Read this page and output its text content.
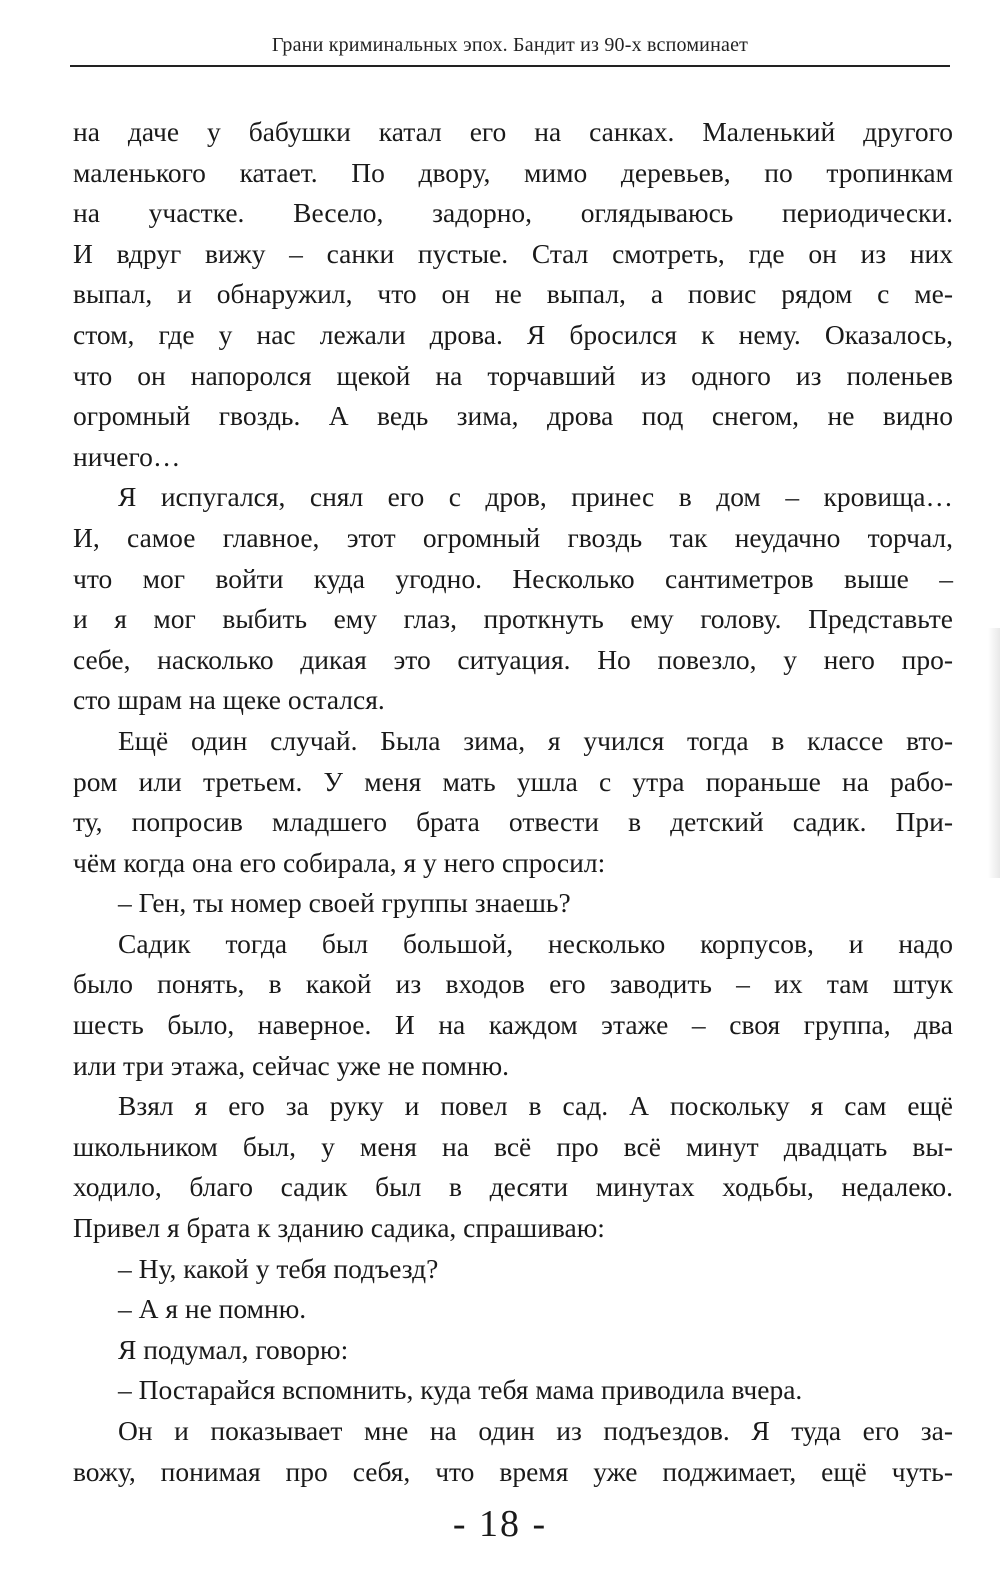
Грани криминальных эпох. Бандит из 90-х вспоминает
на даче у бабушки катал его на санках. Маленький другого
маленького катает. По двору, мимо деревьев, по тропинкам
на участке. Весело, задорно, оглядываюсь периодически.
И вдруг вижу – санки пустые. Стал смотреть, где он из них
выпал, и обнаружил, что он не выпал, а повис рядом с ме-
стом, где у нас лежали дрова. Я бросился к нему. Оказалось,
что он напоролся щекой на торчавший из одного из поленьев
огромный гвоздь. А ведь зима, дрова под снегом, не видно
ничего…
Я испугался, снял его с дров, принес в дом – кровища…
И, самое главное, этот огромный гвоздь так неудачно торчал,
что мог войти куда угодно. Несколько сантиметров выше –
и я мог выбить ему глаз, проткнуть ему голову. Представьте
себе, насколько дикая это ситуация. Но повезло, у него про-
сто шрам на щеке остался.
Ещё один случай. Была зима, я учился тогда в классе вто-
ром или третьем. У меня мать ушла с утра пораньше на рабо-
ту, попросив младшего брата отвести в детский садик. При-
чём когда она его собирала, я у него спросил:
– Ген, ты номер своей группы знаешь?
Садик тогда был большой, несколько корпусов, и надо
было понять, в какой из входов его заводить – их там штук
шесть было, наверное. И на каждом этаже – своя группа, два
или три этажа, сейчас уже не помню.
Взял я его за руку и повел в сад. А поскольку я сам ещё
школьником был, у меня на всё про всё минут двадцать вы-
ходило, благо садик был в десяти минутах ходьбы, недалеко.
Привел я брата к зданию садика, спрашиваю:
– Ну, какой у тебя подъезд?
– А я не помню.
Я подумал, говорю:
– Постарайся вспомнить, куда тебя мама приводила вчера.
Он и показывает мне на один из подъездов. Я туда его за-
вожу, понимая про себя, что время уже поджимает, ещё чуть-
- 18 -
